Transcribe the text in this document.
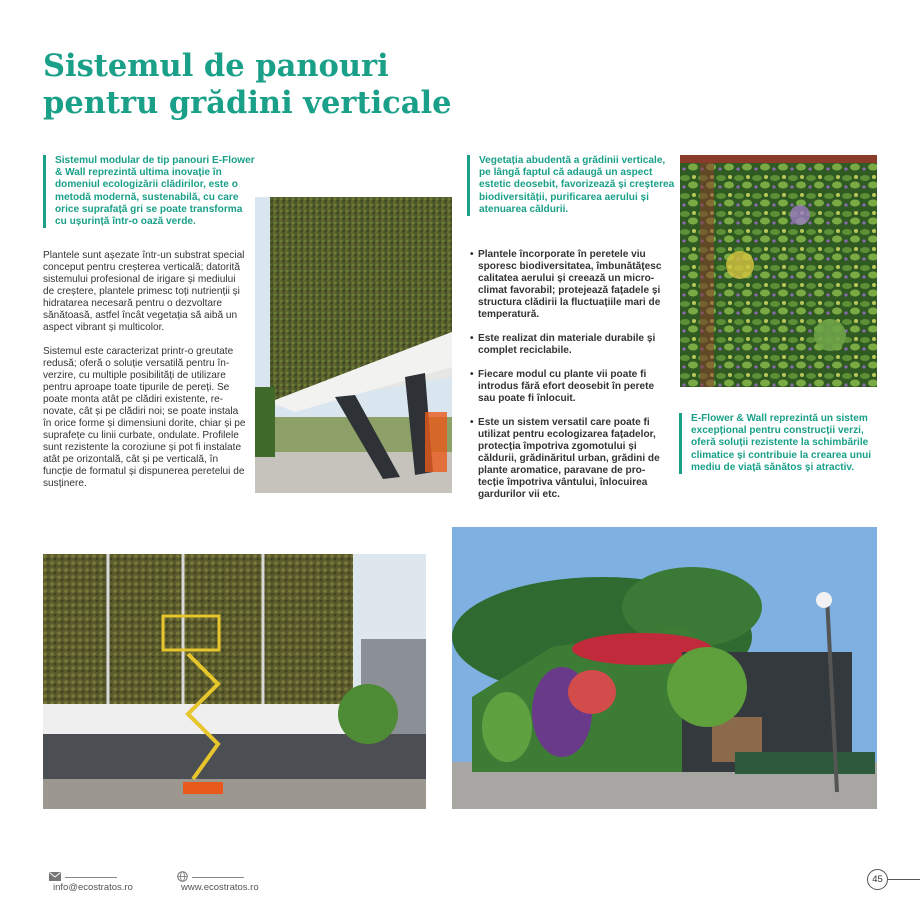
Sistemul de panouri
pentru grădini verticale
Sistemul modular de tip panouri E-Flower & Wall reprezintă ultima inovație în domeniul ecologizării clădirilor, este o metodă modernă, sustenabilă, cu care orice suprafață gri se poate transforma cu ușurință într-o oază verde.

Plantele sunt așezate într-un substrat special conceput pentru creșterea verticală; datorită sistemului profesional de irigare și mediului de creștere, plantele primesc toți nutrienții și hidratarea necesară pentru o dezvoltare sănătoasă, astfel încât vegetația să aibă un aspect vibrant și multicolor.

Sistemul este caracterizat printr-o greutate redusă; oferă o soluție versatilă pentru înverzire, cu multiple posibilități de utilizare pentru aproape toate tipurile de pereți. Se poate monta atât pe clădiri existente, renovate, cât și pe clădiri noi; se poate instala în orice forme și dimensiuni dorite, chiar și pe suprafețe cu linii curbate, ondulate. Profilele sunt rezistente la coroziune și pot fi instalate atât pe orizontală, cât și pe verticală, în funcție de formatul și dispunerea peretelui de susținere.

Vegetația abudentă a grădinii verticale, pe lângă faptul că adaugă un aspect estetic deosebit, favorizează și creșterea biodiversității, purificarea aerului și atenuarea căldurii.
• Plantele încorporate în peretele viu sporesc biodiversitatea, îmbunătățesc calitatea aerului și creează un microclimat favorabil; protejează fațadele și structura clădirii la fluctuațiile mari de temperatură.
• Este realizat din materiale durabile și complet reciclabile.
• Fiecare modul cu plante vii poate fi introdus fără efort deosebit în perete sau poate fi înlocuit.
• Este un sistem versatil care poate fi utilizat pentru ecologizarea fațadelor, protecția împotriva zgomotului și căldurii, grădinăritul urban, grădini de plante aromatice, paravane de protecție împotriva vântului, înlocuirea gardurilor vii etc.
E-Flower & Wall reprezintă un sistem excepțional pentru construcții verzi, oferă soluții rezistente la schimbările climatice și contribuie la crearea unui mediu de viață sănătos și atractiv.
info@ecostratos.ro	www.ecostratos.ro
45
